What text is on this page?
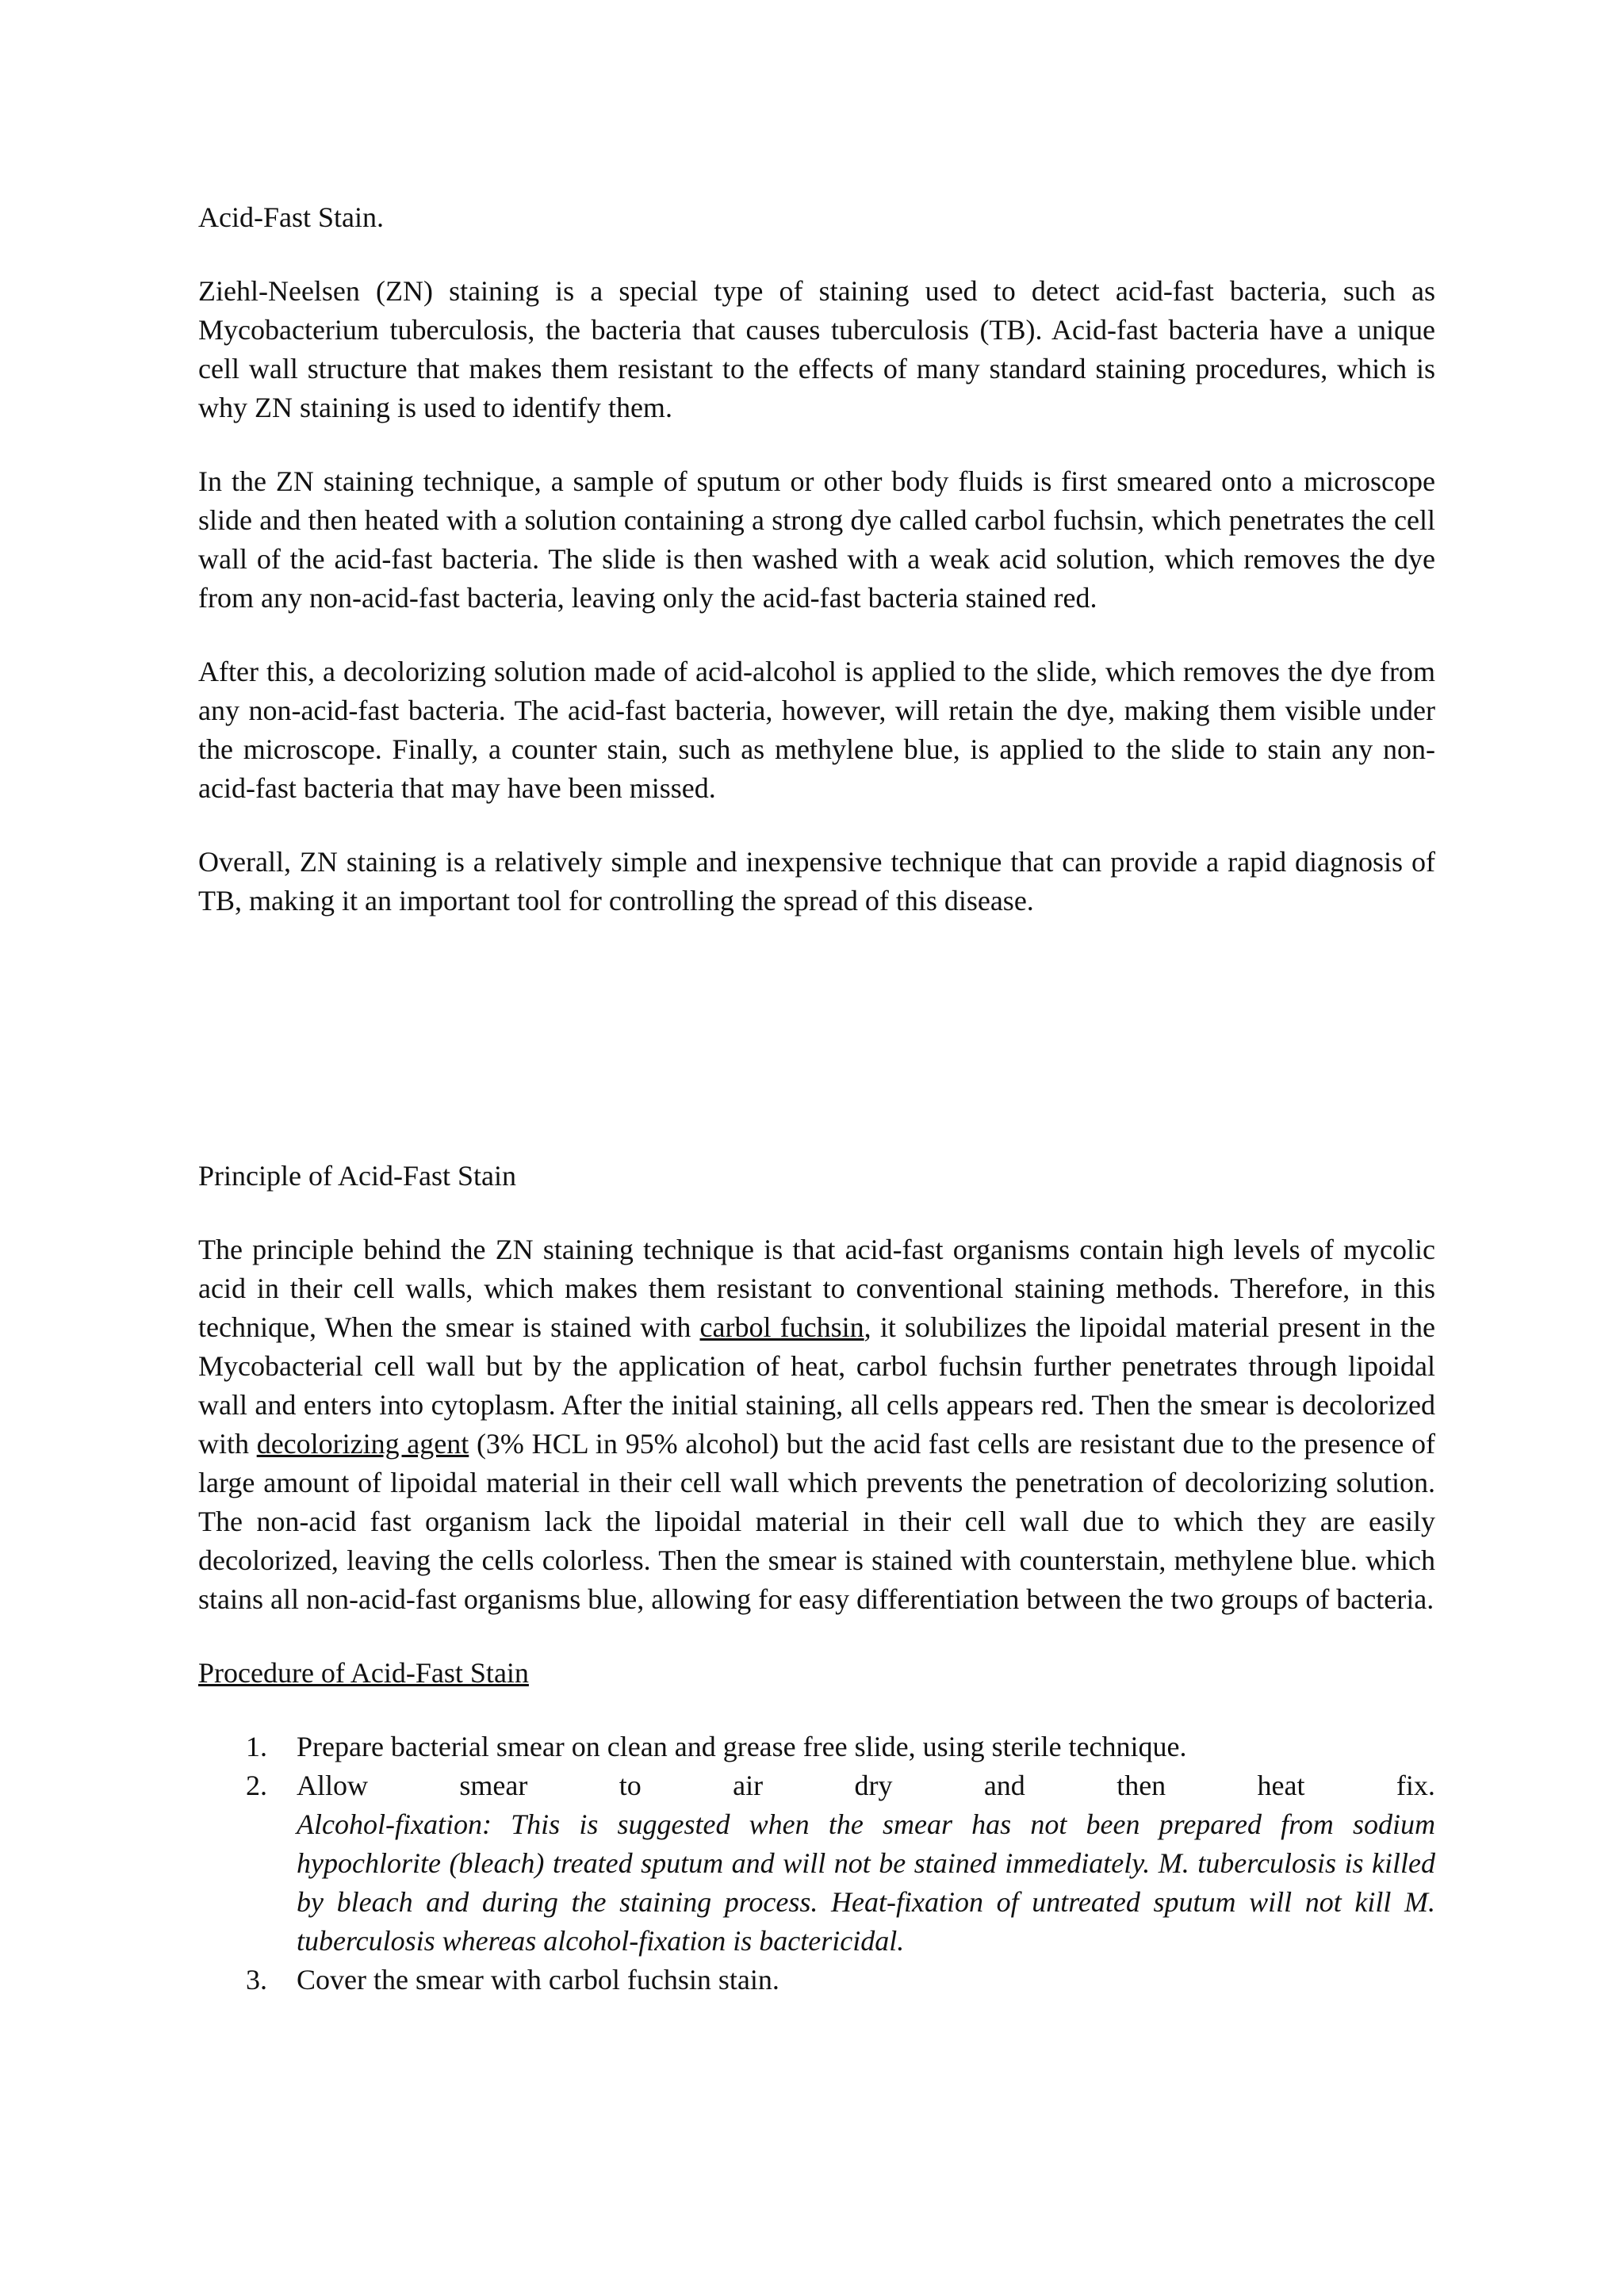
Acid-Fast Stain.

Ziehl-Neelsen (ZN) staining is a special type of staining used to detect acid-fast bacteria, such as Mycobacterium tuberculosis, the bacteria that causes tuberculosis (TB). Acid-fast bacteria have a unique cell wall structure that makes them resistant to the effects of many standard staining procedures, which is why ZN staining is used to identify them.

In the ZN staining technique, a sample of sputum or other body fluids is first smeared onto a microscope slide and then heated with a solution containing a strong dye called carbol fuchsin, which penetrates the cell wall of the acid-fast bacteria. The slide is then washed with a weak acid solution, which removes the dye from any non-acid-fast bacteria, leaving only the acid-fast bacteria stained red.

After this, a decolorizing solution made of acid-alcohol is applied to the slide, which removes the dye from any non-acid-fast bacteria. The acid-fast bacteria, however, will retain the dye, making them visible under the microscope. Finally, a counter stain, such as methylene blue, is applied to the slide to stain any non-acid-fast bacteria that may have been missed.

Overall, ZN staining is a relatively simple and inexpensive technique that can provide a rapid diagnosis of TB, making it an important tool for controlling the spread of this disease.

Principle of Acid-Fast Stain

The principle behind the ZN staining technique is that acid-fast organisms contain high levels of mycolic acid in their cell walls, which makes them resistant to conventional staining methods. Therefore, in this technique, When the smear is stained with carbol fuchsin, it solubilizes the lipoidal material present in the Mycobacterial cell wall but by the application of heat, carbol fuchsin further penetrates through lipoidal wall and enters into cytoplasm. After the initial staining, all cells appears red. Then the smear is decolorized with decolorizing agent (3% HCL in 95% alcohol) but the acid fast cells are resistant due to the presence of large amount of lipoidal material in their cell wall which prevents the penetration of decolorizing solution. The non-acid fast organism lack the lipoidal material in their cell wall due to which they are easily decolorized, leaving the cells colorless. Then the smear is stained with counterstain, methylene blue. which stains all non-acid-fast organisms blue, allowing for easy differentiation between the two groups of bacteria.

Procedure of Acid-Fast Stain

1. Prepare bacterial smear on clean and grease free slide, using sterile technique.
2. Allow	smear	to	air	dry	and	then	heat	fix.
Alcohol-fixation: This is suggested when the smear has not been prepared from sodium hypochlorite (bleach) treated sputum and will not be stained immediately. M. tuberculosis is killed by bleach and during the staining process. Heat-fixation of untreated sputum will not kill M. tuberculosis whereas alcohol-fixation is bactericidal.
3. Cover the smear with carbol fuchsin stain.
